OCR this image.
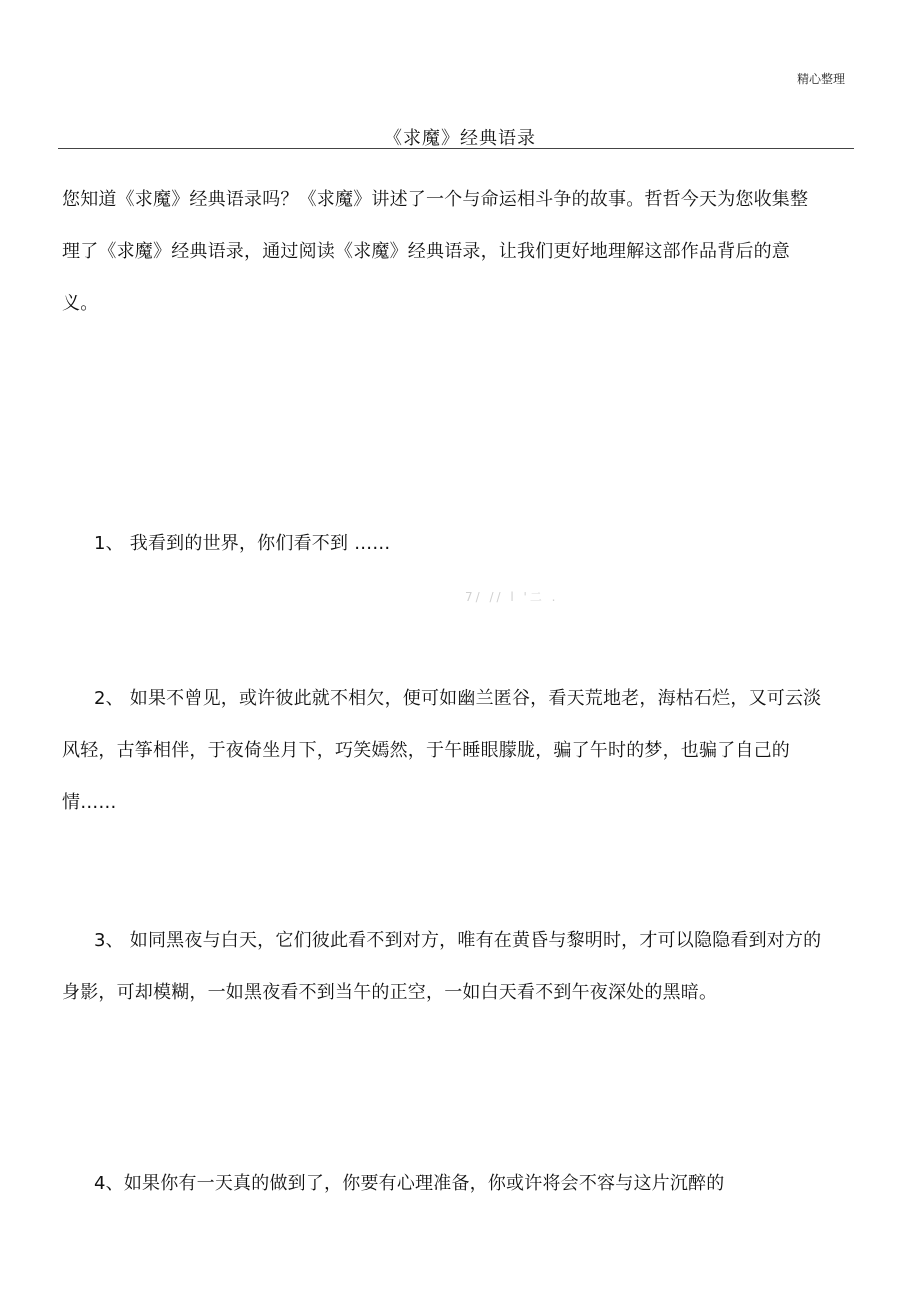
精心整理
《求魔》经典语录
您知道《求魔》经典语录吗？《求魔》讲述了一个与命运相斗争的故事。哲哲今天为您收集整理了《求魔》经典语录，通过阅读《求魔》经典语录，让我们更好地理解这部作品背后的意义。
1、 我看到的世界，你们看不到 ……
7/ // l '二 .
2、 如果不曾见，或许彼此就不相欠，便可如幽兰匿谷，看天荒地老，海枯石烂，又可云淡风轻，古筝相伴，于夜倚坐月下，巧笑嫣然，于午睡眼朦胧，骗了午时的梦，也骗了自己的情……
3、 如同黑夜与白天，它们彼此看不到对方，唯有在黄昏与黎明时，才可以隐隐看到对方的身影，可却模糊，一如黑夜看不到当午的正空，一如白天看不到午夜深处的黑暗。
4、如果你有一天真的做到了，你要有心理准备，你或许将会不容与这片沉醉的
